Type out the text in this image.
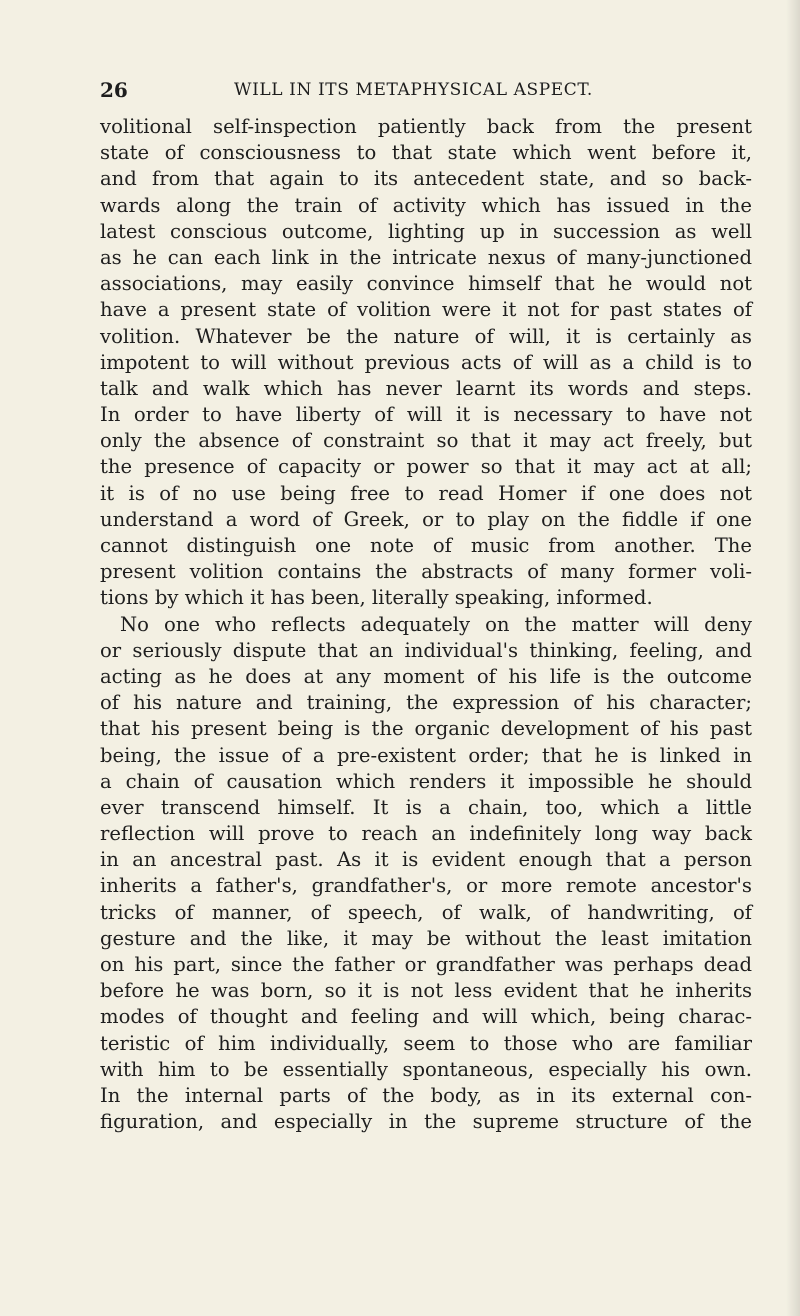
26	WILL IN ITS METAPHYSICAL ASPECT.
volitional self-inspection patiently back from the present
state of consciousness to that state which went before it,
and from that again to its antecedent state, and so back-
wards along the train of activity which has issued in the
latest conscious outcome, lighting up in succession as well
as he can each link in the intricate nexus of many-junctioned
associations, may easily convince himself that he would not
have a present state of volition were it not for past states of
volition. Whatever be the nature of will, it is certainly as
impotent to will without previous acts of will as a child is to
talk and walk which has never learnt its words and steps.
In order to have liberty of will it is necessary to have not
only the absence of constraint so that it may act freely, but
the presence of capacity or power so that it may act at all;
it is of no use being free to read Homer if one does not
understand a word of Greek, or to play on the fiddle if one
cannot distinguish one note of music from another. The
present volition contains the abstracts of many former voli-
tions by which it has been, literally speaking, informed.
No one who reflects adequately on the matter will deny
or seriously dispute that an individual's thinking, feeling, and
acting as he does at any moment of his life is the outcome
of his nature and training, the expression of his character;
that his present being is the organic development of his past
being, the issue of a pre-existent order; that he is linked in
a chain of causation which renders it impossible he should
ever transcend himself. It is a chain, too, which a little
reflection will prove to reach an indefinitely long way back
in an ancestral past. As it is evident enough that a person
inherits a father's, grandfather's, or more remote ancestor's
tricks of manner, of speech, of walk, of handwriting, of
gesture and the like, it may be without the least imitation
on his part, since the father or grandfather was perhaps dead
before he was born, so it is not less evident that he inherits
modes of thought and feeling and will which, being charac-
teristic of him individually, seem to those who are familiar
with him to be essentially spontaneous, especially his own.
In the internal parts of the body, as in its external con-
figuration, and especially in the supreme structure of the
